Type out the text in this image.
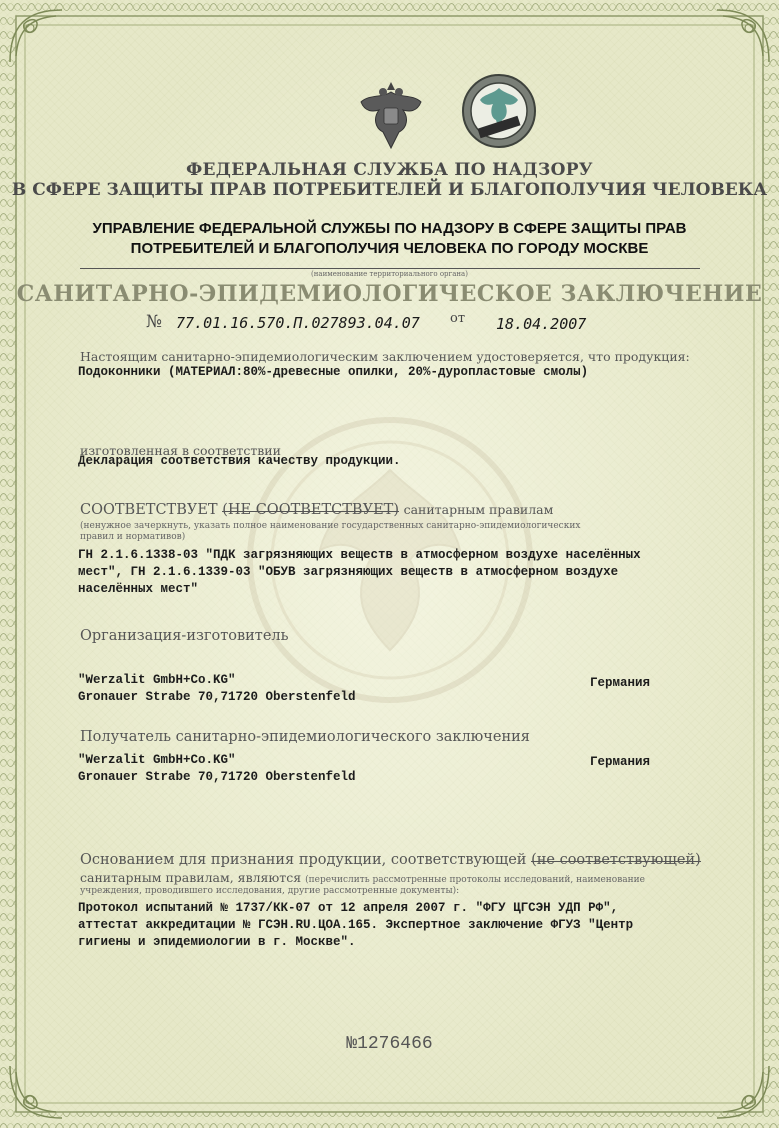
ФЕДЕРАЛЬНАЯ СЛУЖБА ПО НАДЗОРУ
В СФЕРЕ ЗАЩИТЫ ПРАВ ПОТРЕБИТЕЛЕЙ И БЛАГОПОЛУЧИЯ ЧЕЛОВЕКА
УПРАВЛЕНИЕ ФЕДЕРАЛЬНОЙ СЛУЖБЫ ПО НАДЗОРУ В СФЕРЕ ЗАЩИТЫ ПРАВ
ПОТРЕБИТЕЛЕЙ И БЛАГОПОЛУЧИЯ ЧЕЛОВЕКА ПО ГОРОДУ МОСКВЕ
(наименование территориального органа)
САНИТАРНО-ЭПИДЕМИОЛОГИЧЕСКОЕ ЗАКЛЮЧЕНИЕ
№ 77.01.16.570.П.027893.04.07 от 18.04.2007
Настоящим санитарно-эпидемиологическим заключением удостоверяется, что продукция:
Подоконники (МАТЕРИАЛ:80%-древесные опилки, 20%-дуропластовые смолы)
изготовленная в соответствии
Декларация соответствия качеству продукции.
СООТВЕТСТВУЕТ (НЕ СООТВЕТСТВУЕТ) санитарным правилам
(ненужное зачеркнуть, указать полное наименование государственных санитарно-эпидемиологических
правил и нормативов)
ГН 2.1.6.1338-03 "ПДК загрязняющих веществ в атмосферном воздухе населённых
мест", ГН 2.1.6.1339-03 "ОБУВ загрязняющих веществ в атмосферном воздухе
населённых мест"
Организация-изготовитель
"Werzalit GmbH+Co.KG"
Gronauer Strabe 70,71720 Oberstenfeld
Германия
Получатель санитарно-эпидемиологического заключения
"Werzalit GmbH+Co.KG"
Gronauer Strabe 70,71720 Oberstenfeld
Германия
Основанием для признания продукции, соответствующей (не соответствующей)
санитарным правилам, являются (перечислить рассмотренные протоколы исследований, наименование
учреждения, проводившего исследования, другие рассмотренные документы):
Протокол испытаний № 1737/КК-07 от 12 апреля 2007 г. "ФГУ ЦГСЭН УДП РФ",
аттестат аккредитации № ГСЭН.RU.ЦОА.165. Экспертное заключение ФГУЗ "Центр
гигиены и эпидемиологии в г. Москве".
№1276466
